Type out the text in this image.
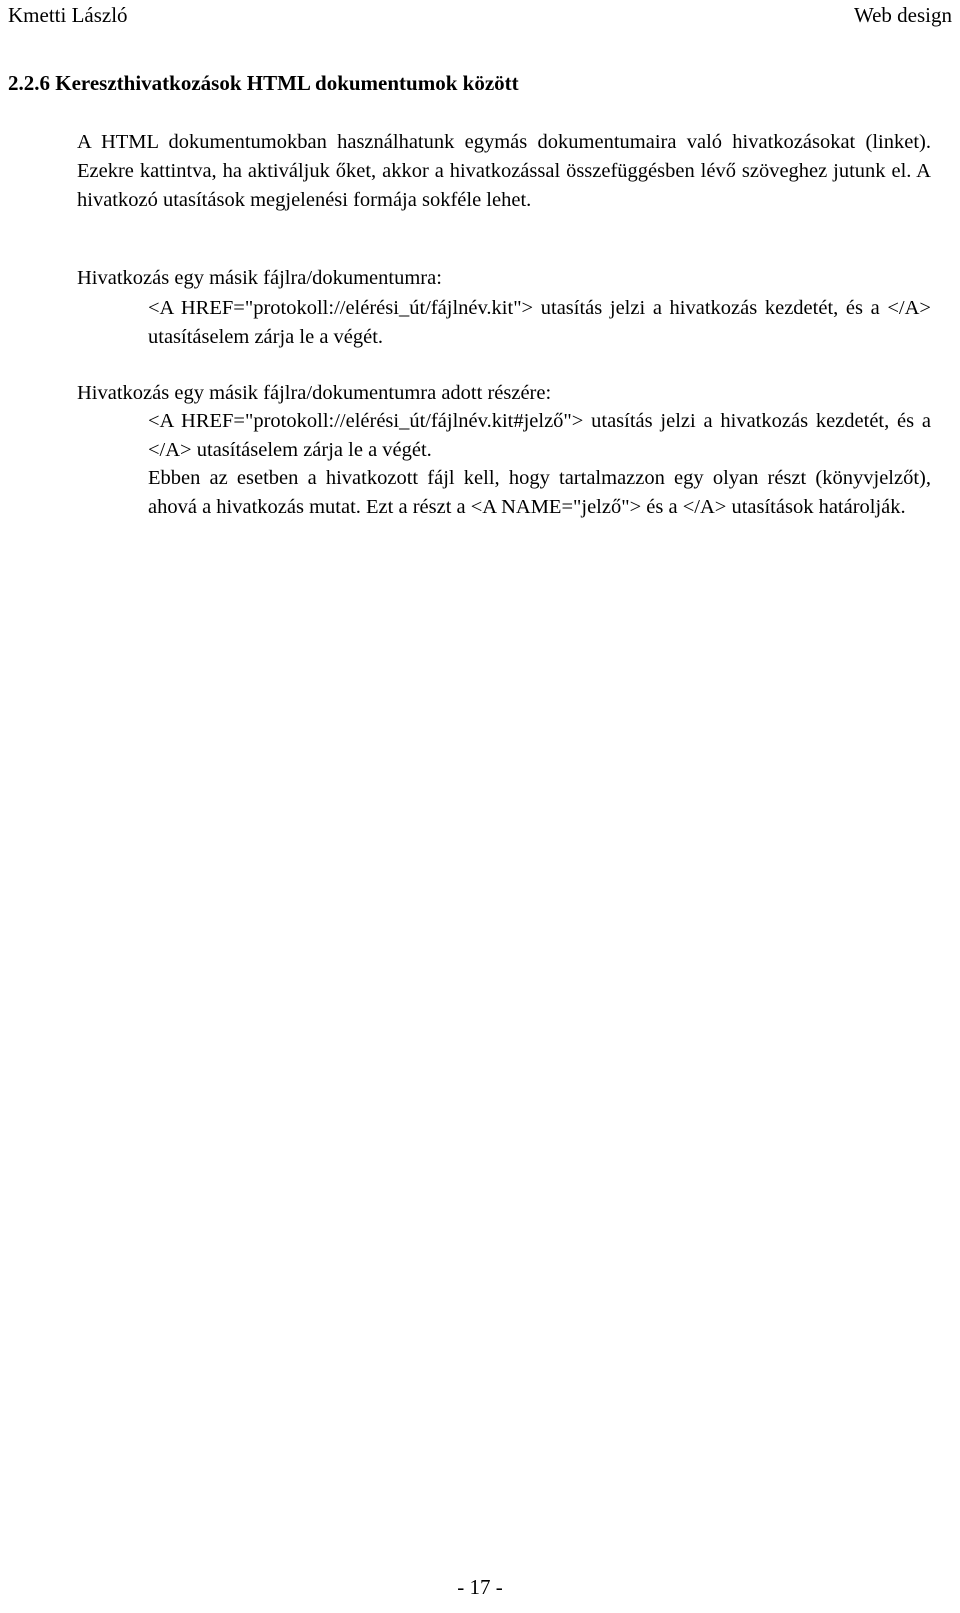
Kmetti László	Web design
2.2.6 Kereszthivatkozások HTML dokumentumok között

A HTML dokumentumokban használhatunk egymás dokumentumaira való hivatkozásokat (linket). Ezekre kattintva, ha aktiváljuk őket, akkor a hivatkozással összefüggésben lévő szöveghez jutunk el. A hivatkozó utasítások megjelenési formája sokféle lehet.

Hivatkozás egy másik fájlra/dokumentumra:

<A HREF="protokoll://elérési_út/fájlnév.kit"> utasítás jelzi a hivatkozás kezdetét, és a </A> utasításelem zárja le a végét.

Hivatkozás egy másik fájlra/dokumentumra adott részére:

<A HREF="protokoll://elérési_út/fájlnév.kit#jelző"> utasítás jelzi a hivatkozás kezdetét, és a </A> utasításelem zárja le a végét.

Ebben az esetben a hivatkozott fájl kell, hogy tartalmazzon egy olyan részt (könyvjelzőt), ahová a hivatkozás mutat. Ezt a részt a <A NAME="jelző"> és a </A> utasítások határolják.

- 17 -
